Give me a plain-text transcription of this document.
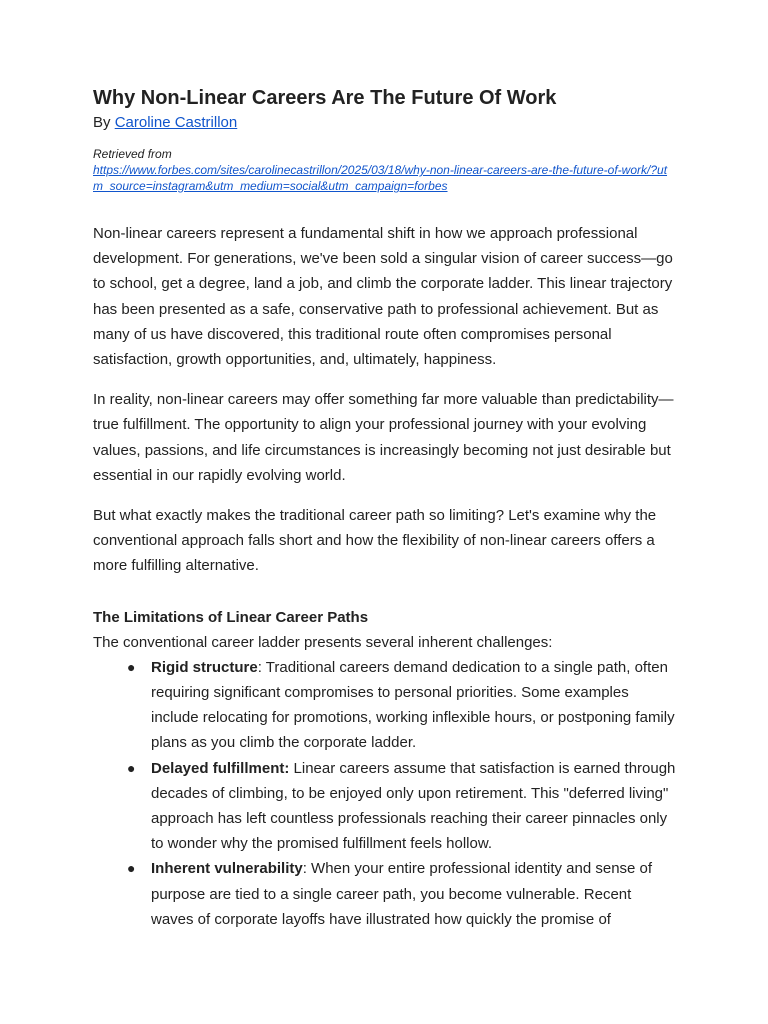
Why Non-Linear Careers Are The Future Of Work

By Caroline Castrillon

Retrieved from
https://www.forbes.com/sites/carolinecastrillon/2025/03/18/why-non-linear-careers-are-the-future-of-work/?utm_source=instagram&utm_medium=social&utm_campaign=forbes

Non-linear careers represent a fundamental shift in how we approach professional development. For generations, we've been sold a singular vision of career success—go to school, get a degree, land a job, and climb the corporate ladder. This linear trajectory has been presented as a safe, conservative path to professional achievement. But as many of us have discovered, this traditional route often compromises personal satisfaction, growth opportunities, and, ultimately, happiness.

In reality, non-linear careers may offer something far more valuable than predictability—true fulfillment. The opportunity to align your professional journey with your evolving values, passions, and life circumstances is increasingly becoming not just desirable but essential in our rapidly evolving world.

But what exactly makes the traditional career path so limiting? Let's examine why the conventional approach falls short and how the flexibility of non-linear careers offers a more fulfilling alternative.

The Limitations of Linear Career Paths

The conventional career ladder presents several inherent challenges:

● Rigid structure: Traditional careers demand dedication to a single path, often requiring significant compromises to personal priorities. Some examples include relocating for promotions, working inflexible hours, or postponing family plans as you climb the corporate ladder.
● Delayed fulfillment: Linear careers assume that satisfaction is earned through decades of climbing, to be enjoyed only upon retirement. This "deferred living" approach has left countless professionals reaching their career pinnacles only to wonder why the promised fulfillment feels hollow.
● Inherent vulnerability: When your entire professional identity and sense of purpose are tied to a single career path, you become vulnerable. Recent waves of corporate layoffs have illustrated how quickly the promise of
